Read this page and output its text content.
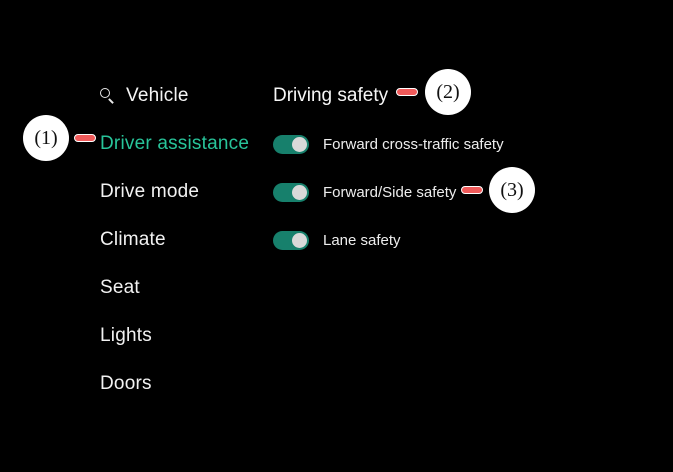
Vehicle
Driver assistance
Drive mode
Climate
Seat
Lights
Doors
Driving safety
Forward cross-traffic safety
Forward/Side safety
Lane safety
(1)
(2)
(3)
